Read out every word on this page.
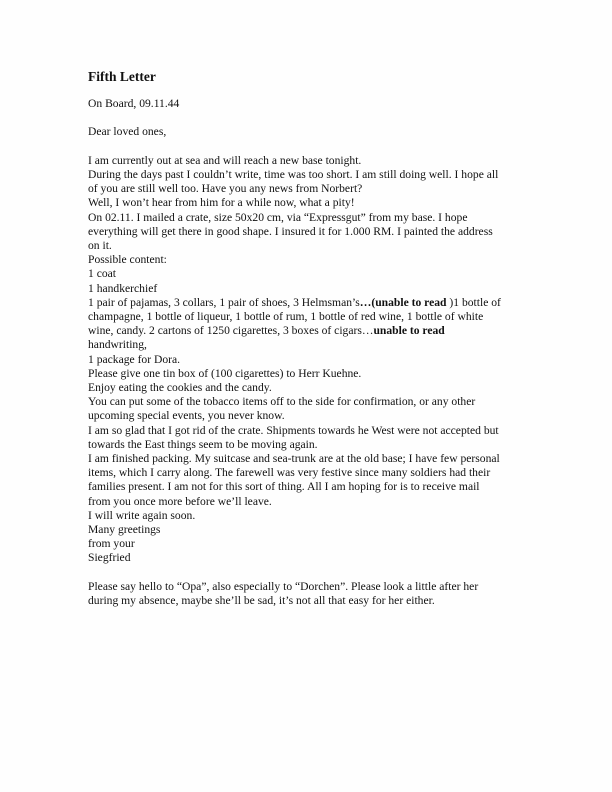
Fifth Letter

On Board, 09.11.44

Dear loved ones,

I am currently out at sea and will reach a new base tonight.

During the days past I couldn’t write, time was too short. I am still doing well. I hope all

of you are still well too. Have you any news from Norbert?

Well, I won’t hear from him for a while now, what a pity!

On 02.11. I mailed a crate, size 50x20 cm, via “Expressgut” from my base. I hope

everything will get there in good shape. I insured it for 1.000 RM. I painted the address

on it.

Possible content:

1 coat

1 handkerchief

1 pair of pajamas, 3 collars, 1 pair of shoes, 3 Helmsman’s…(unable to read )1 bottle of

champagne, 1 bottle of liqueur, 1 bottle of rum, 1 bottle of red wine, 1 bottle of white

wine, candy. 2 cartons of 1250 cigarettes, 3 boxes of cigars…unable to read

handwriting,

1 package for Dora.

Please give one tin box of (100 cigarettes) to Herr Kuehne.

Enjoy eating the cookies and the candy.

You can put some of the tobacco items off to the side for confirmation, or any other

upcoming special events, you never know.

I am so glad that I got rid of the crate. Shipments towards he West were not accepted but

towards the East things seem to be moving again.

I am finished packing. My suitcase and sea-trunk are at the old base; I have few personal

items, which I carry along. The farewell was very festive since many soldiers had their

families present. I am not for this sort of thing. All I am hoping for is to receive mail

from you once more before we’ll leave.

I will write again soon.

Many greetings

from your

Siegfried

Please say hello to “Opa”, also especially to “Dorchen”. Please look a little after her

during my absence, maybe she’ll be sad, it’s not all that easy for her either.
